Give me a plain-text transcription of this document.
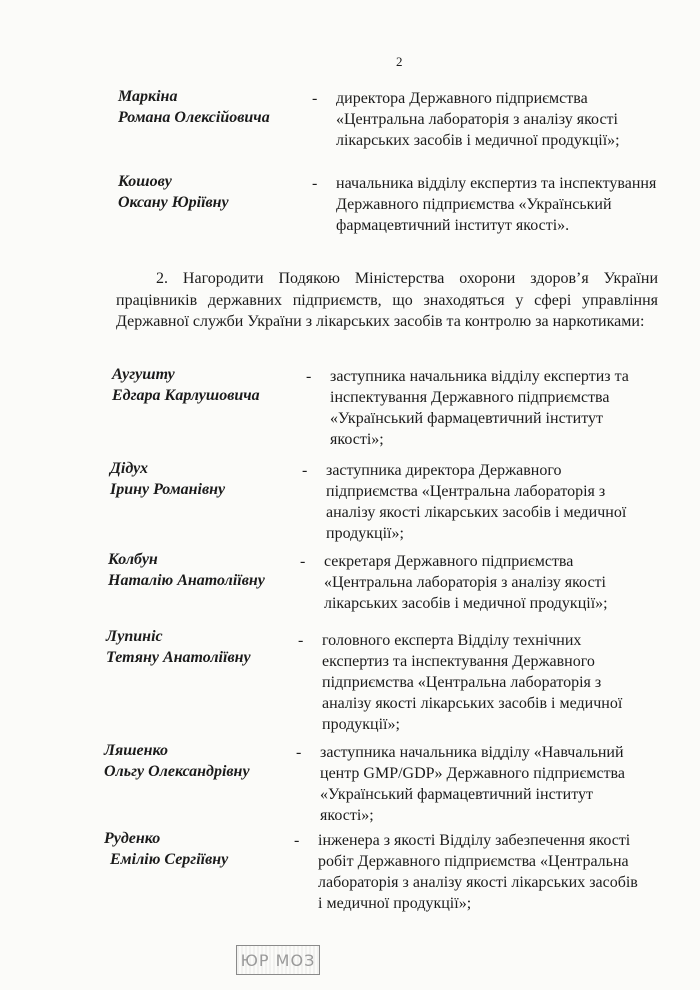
2
Маркіна
Романа Олексійовича
- директора Державного підприємства
«Центральна лабораторія з аналізу якості
лікарських засобів і медичної продукції»;
Кошову
Оксану Юріївну
- начальника відділу експертиз та інспектування
Державного підприємства «Український
фармацевтичний інститут якості».
2. Нагородити Подякою Міністерства охорони здоров’я України працівників державних підприємств, що знаходяться у сфері управління Державної служби України з лікарських засобів та контролю за наркотиками:
Аугушту
Едгара Карлушовича
- заступника начальника відділу експертиз та
інспектування Державного підприємства
«Український фармацевтичний інститут
якості»;
Дідух
Ірину Романівну
- заступника директора Державного
підприємства «Центральна лабораторія з
аналізу якості лікарських засобів і медичної
продукції»;
Колбун
Наталію Анатоліївну
- секретаря Державного підприємства
«Центральна лабораторія з аналізу якості
лікарських засобів і медичної продукції»;
Лупиніс
Тетяну Анатоліївну
- головного експерта Відділу технічних
експертиз та інспектування Державного
підприємства «Центральна лабораторія з
аналізу якості лікарських засобів і медичної
продукції»;
Ляшенко
Ольгу Олександрівну
- заступника начальника відділу «Навчальний
центр GMP/GDP» Державного підприємства
«Український фармацевтичний інститут
якості»;
Руденко
Емілію Сергіївну
- інженера з якості Відділу забезпечення якості
робіт Державного підприємства «Центральна
лабораторія з аналізу якості лікарських засобів
і медичної продукції»;
ЮР МОЗ
